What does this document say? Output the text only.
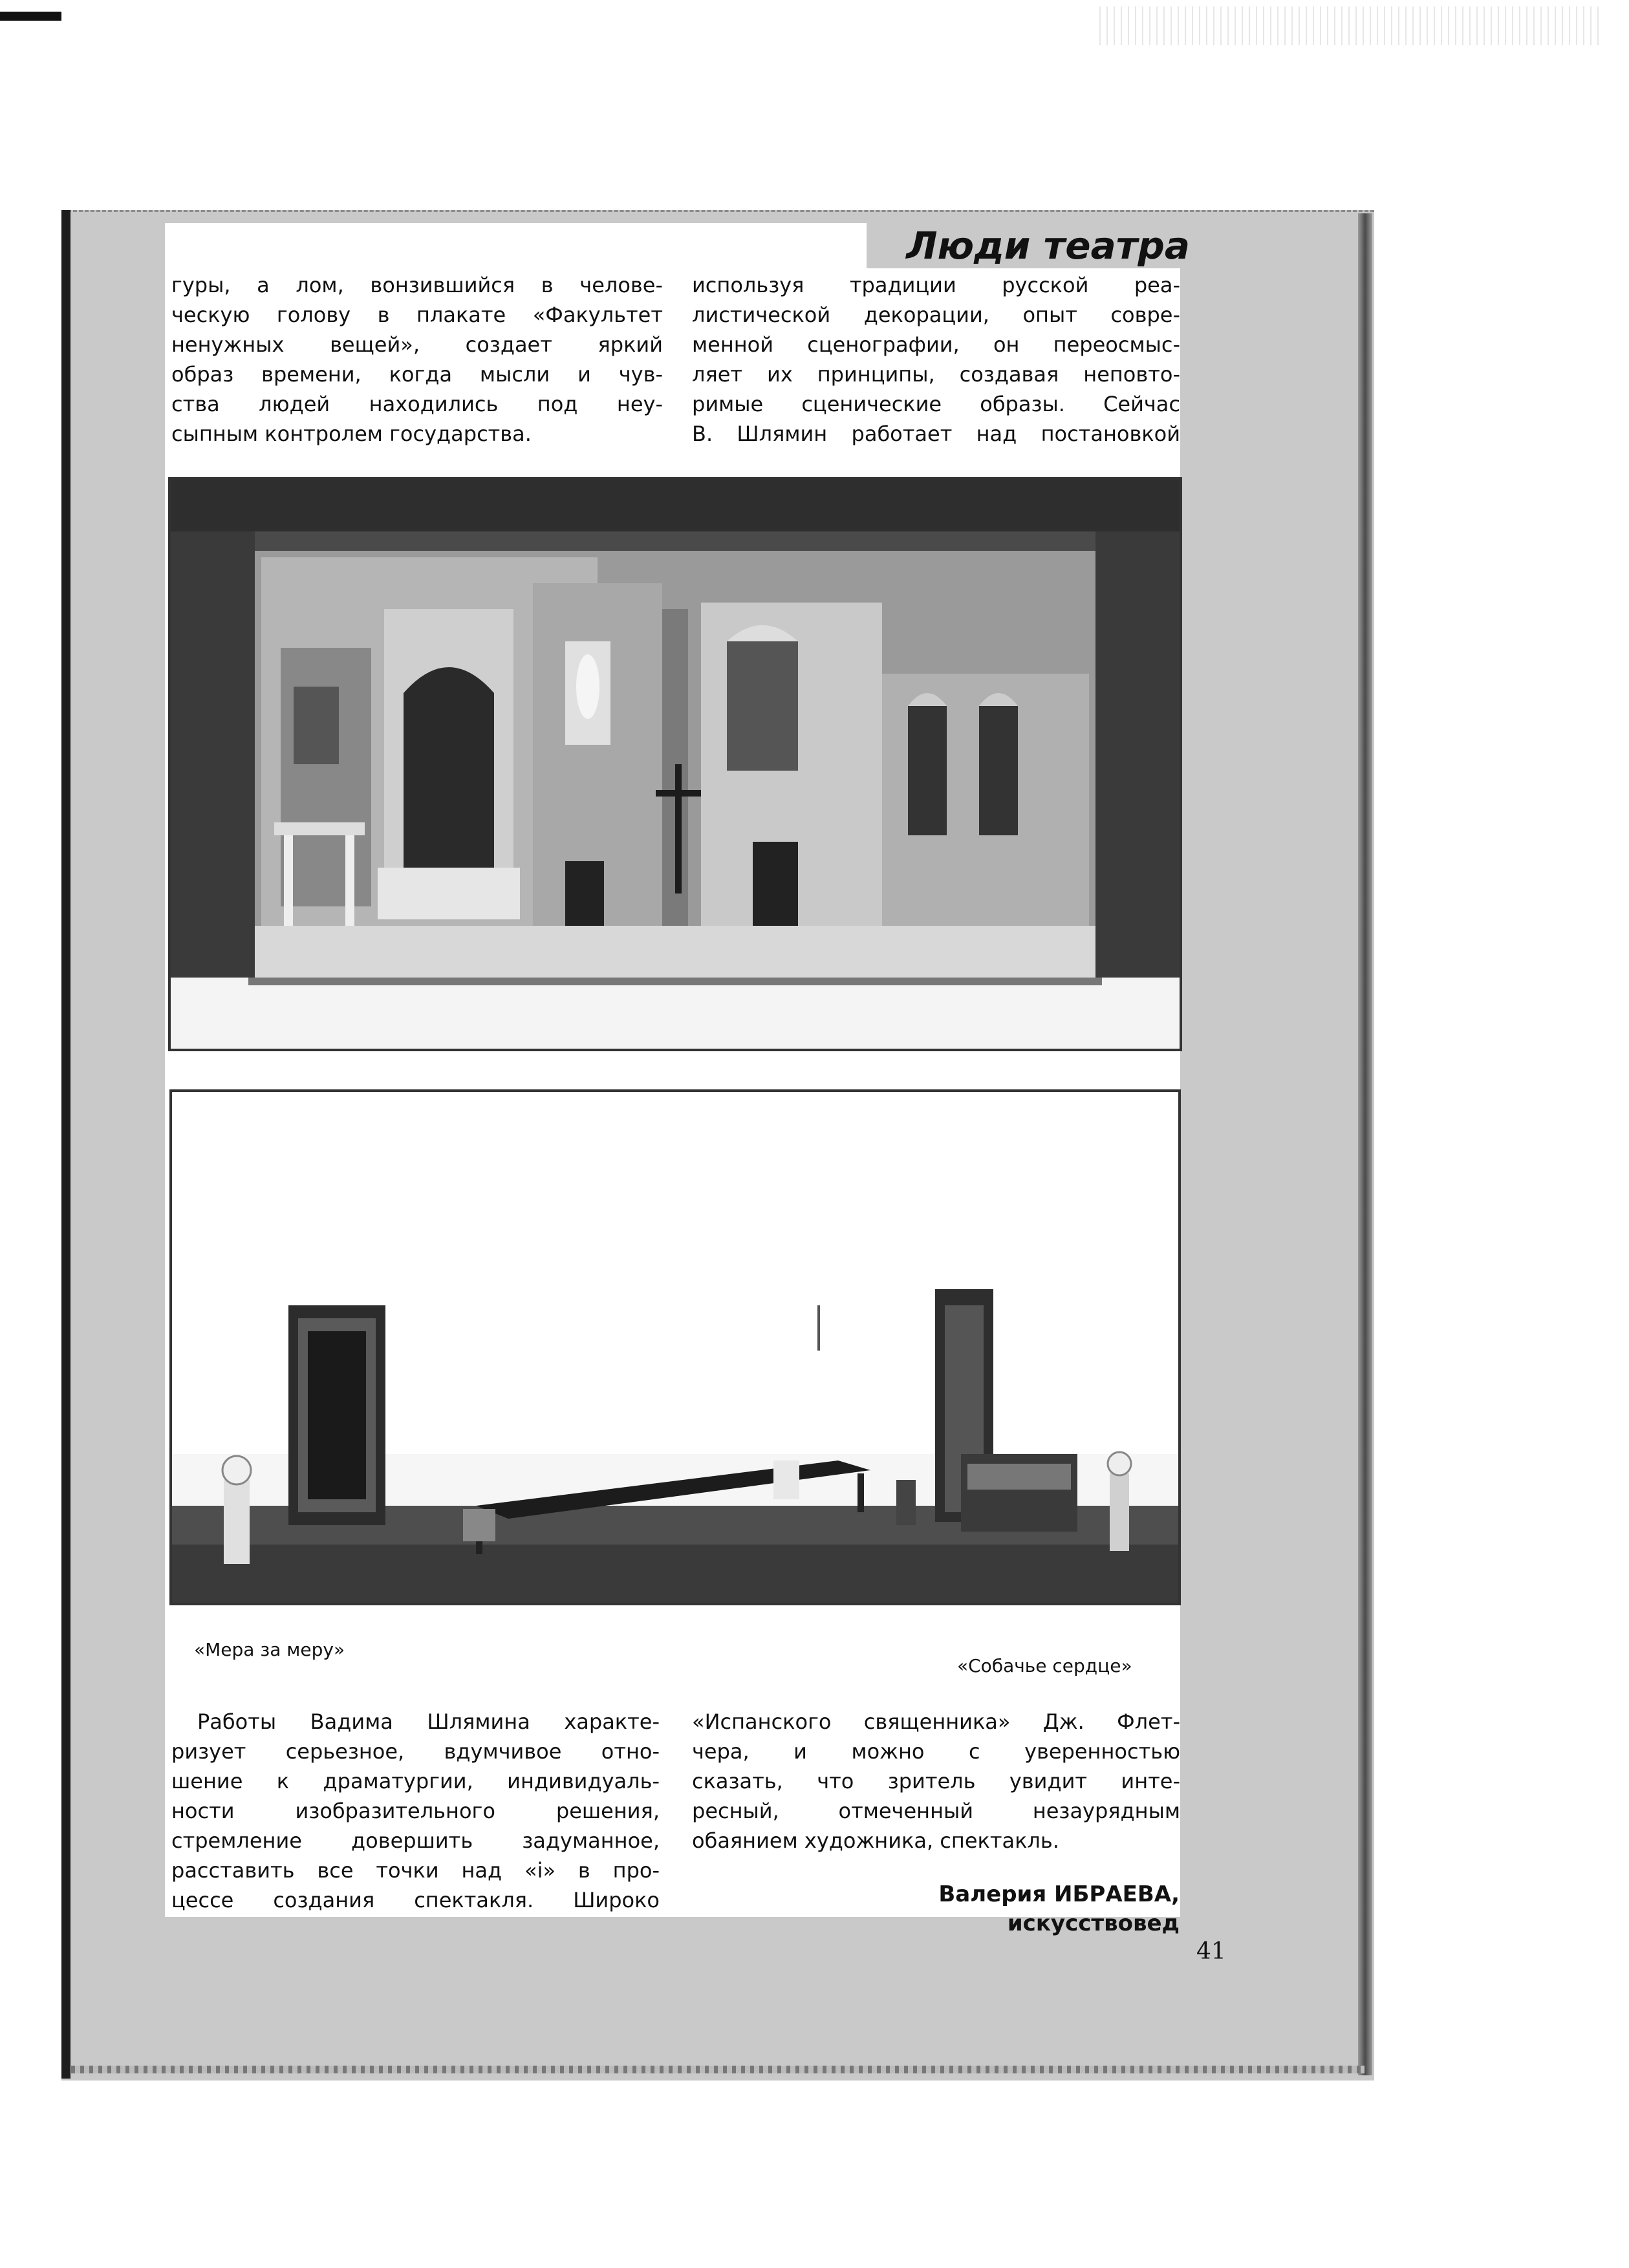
Люди театра
гуры, а лом, вонзившийся в челове-
ческую голову в плакате «Факультет
ненужных вещей», создает яркий
образ времени, когда мысли и чув-
ства людей находились под неу-
сыпным контролем государства.
используя традиции русской реа-
листической декорации, опыт совре-
менной сценографии, он переосмыс-
ляет их принципы, создавая неповто-
римые сценические образы. Сейчас
В. Шлямин работает над постановкой
«Мера за меру»
«Собачье сердце»
Работы Вадима Шлямина характе-
ризует серьезное, вдумчивое отно-
шение к драматургии, индивидуаль-
ности изобразительного решения,
стремление довершить задуманное,
расставить все точки над «i» в про-
цессе создания спектакля. Широко
«Испанского священника» Дж. Флет-
чера, и можно с уверенностью
сказать, что зритель увидит инте-
ресный, отмеченный незаурядным
обаянием художника, спектакль.
Валерия ИБРАЕВА,
искусствовед
41
